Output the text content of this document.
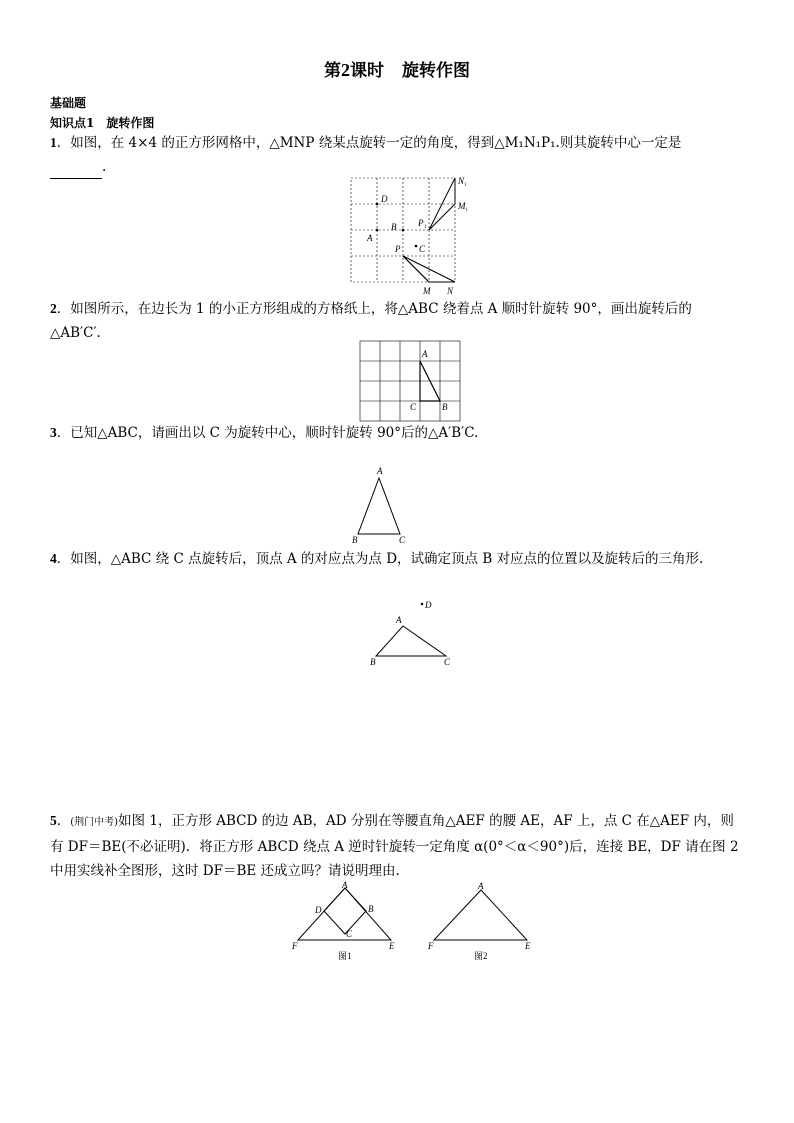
第2课时 旋转作图
基础题
知识点1　旋转作图
1．如图，在 4×4 的正方形网格中，△MNP 绕某点旋转一定的角度，得到△M₁N₁P₁.则其旋转中心一定是
.
D
B
A
P C
M N
N 1
M 1
P 1
2．如图所示，在边长为 1 的小正方形组成的方格纸上，将△ABC 绕着点 A 顺时针旋转 90°，画出旋转后的
△AB′C′.
A
C	B
3．已知△ABC，请画出以 C 为旋转中心，顺时针旋转 90°后的△A′B′C.
A
B	C
4．如图，△ABC 绕 C 点旋转后，顶点 A 的对应点为点 D，试确定顶点 B 对应点的位置以及旋转后的三角形.
D
A
B	C
5．(荆门中考)如图 1，正方形 ABCD 的边 AB，AD 分别在等腰直角△AEF 的腰 AE，AF 上，点 C 在△AEF 内，则
有 DF＝BE(不必证明)．将正方形 ABCD 绕点 A 逆时针旋转一定角度 α(0°＜α＜90°)后，连接 BE，DF 请在图 2
中用实线补全图形，这时 DF＝BE 还成立吗？请说明理由.
A
D	B
C
F	E
图1
A
F	E
图2
